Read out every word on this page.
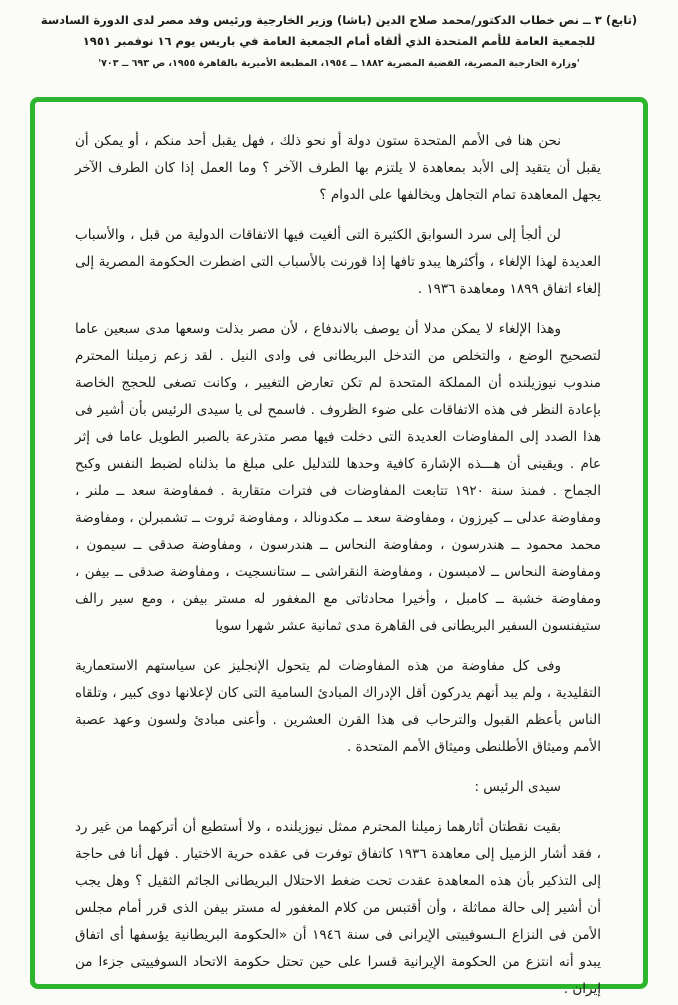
(تابع) ٣ ــ نص خطاب الدكتور/محمد صلاح الدين (باشا) وزير الخارجية ورئيس وفد مصر لدى الدورة السادسة
للجمعية العامة للأمم المتحدة الذي ألقاه أمام الجمعية العامة في باريس يوم ١٦ نوفمبر ١٩٥١
'وزارة الخارجية المصرية، القضية المصرية ١٨٨٢ ــ ١٩٥٤، المطبعة الأميرية بالقاهرة ١٩٥٥، ص ٦٩٣ ــ ٧٠٣'

نحن هنا فى الأمم المتحدة ستون دولة أو نحو ذلك ، فهل يقبل أحد منكم ، أو يمكن أن يقبل أن يتقيد إلى الأبد بمعاهدة لا يلتزم بها الطرف الآخر ؟ وما العمل إذا كان الطرف الآخر يجهل المعاهدة تمام التجاهل ويخالفها على الدوام ؟

لن ألجأ إلى سرد السوابق الكثيرة التى ألغيت فيها الاتفاقات الدولية من قبل ، والأسباب العديدة لهذا الإلغاء ، وأكثرها يبدو تافها إذا قورنت بالأسباب التى اضطرت الحكومة المصرية إلى إلغاء اتفاق ١٨٩٩ ومعاهدة ١٩٣٦ .

وهذا الإلغاء لا يمكن مدلا أن يوصف بالاندفاع ، لأن مصر بذلت وسعها مدى سبعين عاما لتصحيح الوضع ، والتخلص من التدخل البريطانى فى وادى النيل . لقد زعم زميلنا المحترم مندوب نيوزيلنده أن المملكة المتحدة لم تكن تعارض التغيير ، وكانت تصغى للحجج الخاصة بإعادة النظر فى هذه الاتفاقات على ضوء الظروف . فاسمح لى يا سيدى الرئيس بأن أشير فى هذا الصدد إلى المفاوضات العديدة التى دخلت فيها مصر متذرعة بالصبر الطويل عاما فى إثر عام . ويقينى أن هـــذه الإشارة كافية وحدها للتدليل على مبلغ ما بذلناه لضبط النفس وكبح الجماح . فمنذ سنة ١٩٢٠ تتابعت المفاوضات فى فترات متقاربة . فمفاوضة سعد ــ ملنر ، ومفاوضة عدلى ــ كيرزون ، ومفاوضة سعد ــ مكدونالد ، ومفاوضة ثروت ــ تشمبرلن ، ومفاوضة محمد محمود ــ هندرسون ، ومفاوضة النحاس ــ هندرسون ، ومفاوضة صدقى ــ سيمون ، ومفاوضة النحاس ــ لامبسون ، ومفاوضة النقراشى ــ ستانسجيت ، ومفاوضة صدقى ــ بيفن ، ومفاوضة خشبة ــ كامبل ، وأخيرا محادثاتى مع المغفور له مستر بيفن ، ومع سير رالف ستيفنسون السفير البريطانى فى القاهرة مدى ثمانية عشر شهرا سويا

وفى كل مفاوضة من هذه المفاوضات لم يتحول الإنجليز عن سياستهم الاستعمارية التقليدية ، ولم يبد أنهم يدركون أقل الإدراك المبادئ السامية التى كان لإعلانها دوى كبير ، وتلقاه الناس بأعظم القبول والترحاب فى هذا القرن العشرين . وأعنى مبادئ ولسون وعهد عصبة الأمم وميثاق الأطلنطى وميثاق الأمم المتحدة .

سيدى الرئيس :

بقيت نقطتان أثارهما زميلنا المحترم ممثل نيوزيلنده ، ولا أستطيع أن أتركهما من غير رد ، فقد أشار الزميل إلى معاهدة ١٩٣٦ كاتفاق توفرت فى عقده حرية الاختيار . فهل أنا فى حاجة إلى التذكير بأن هذه المعاهدة عقدت تحت ضغط الاحتلال البريطانى الجاثم الثقيل ؟ وهل يجب أن أشير إلى حالة مماثلة ، وأن أقتبس من كلام المغفور له مستر بيفن الذى قرر أمام مجلس الأمن فى النزاع الـسوفييتى الإيرانى فى سنة ١٩٤٦ أن «الحكومة البريطانية يؤسفها أى اتفاق يبدو أنه انتزع من الحكومة الإيرانية قسرا على حين تحتل حكومة الاتحاد السوفييتى جزءا من إيران .
